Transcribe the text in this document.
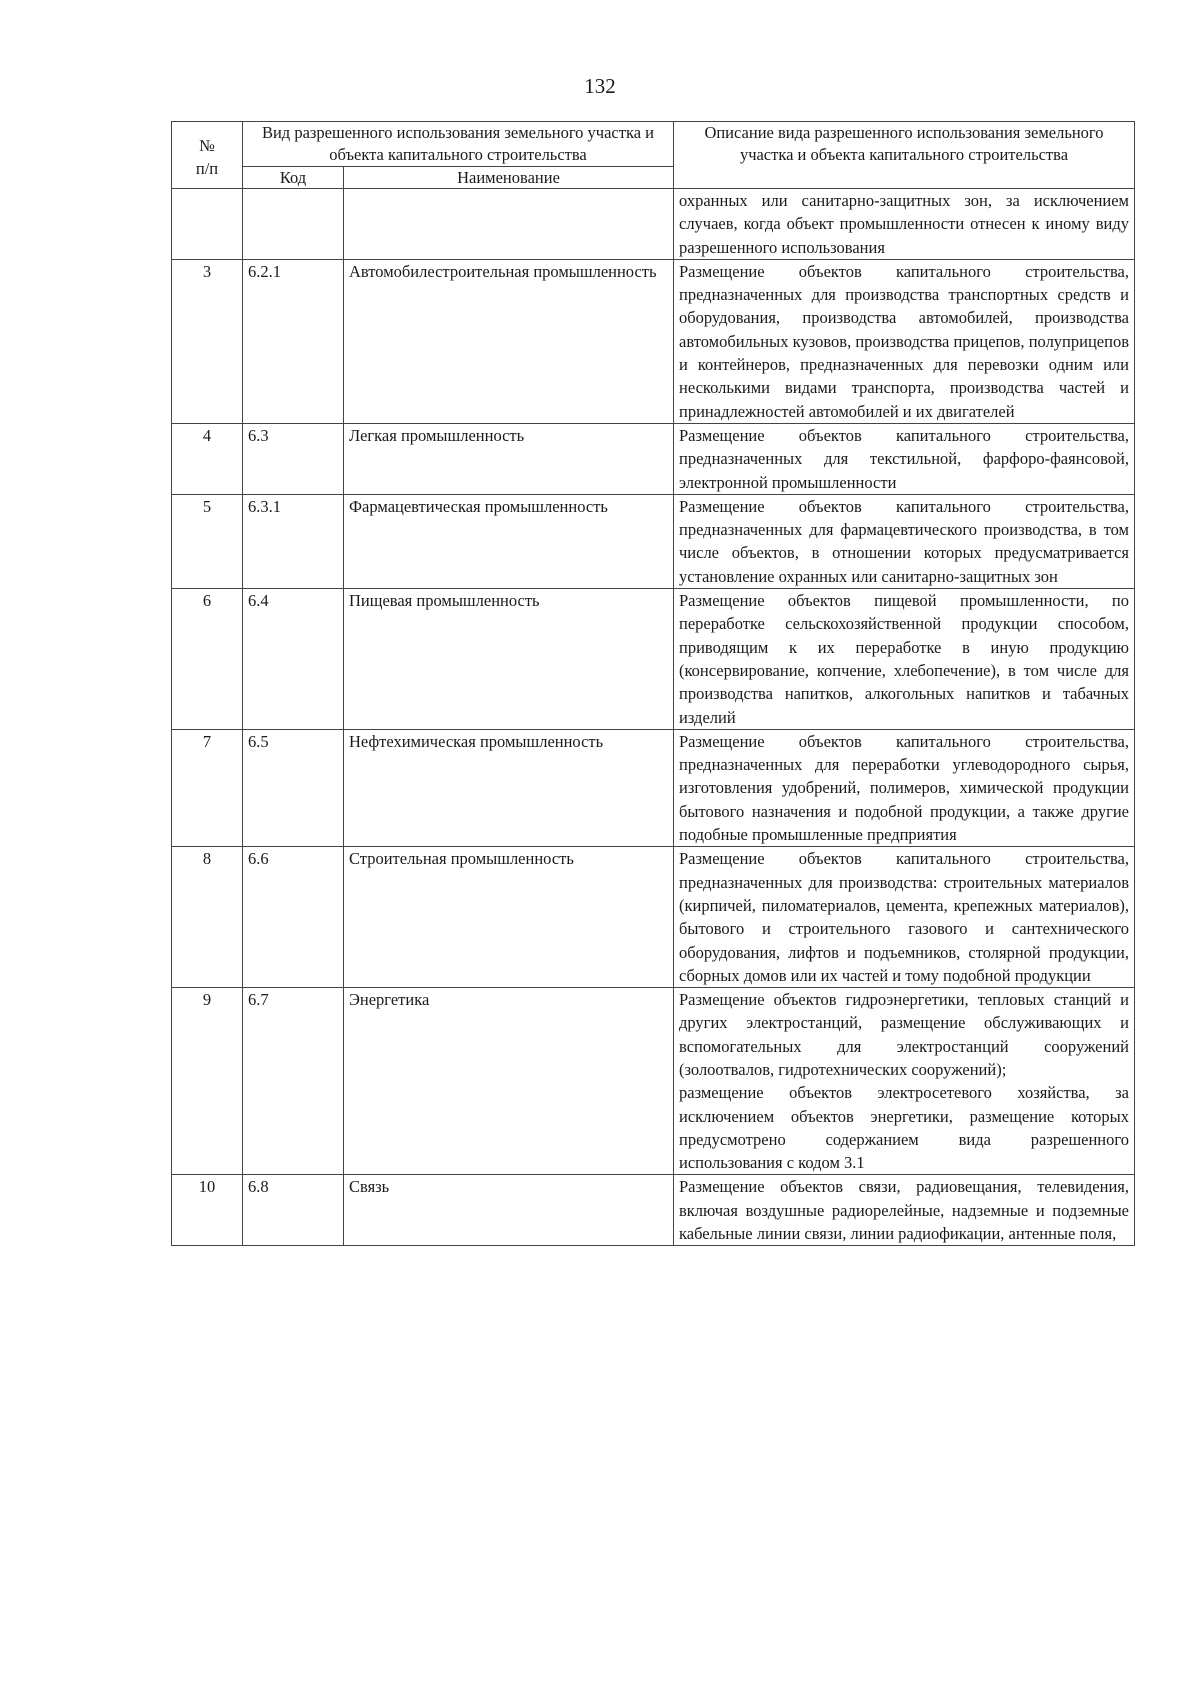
132
№
п/п	Вид разрешенного использования земельного участка и объекта капитального строительства		Описание вида разрешенного использования земельного участка и объекта капитального строительства
	Код	Наименование	
			охранных или санитарно-защитных зон, за исключением случаев, когда объект промышленности отнесен к иному виду разрешенного использования
3	6.2.1	Автомобилестроительная промышленность	Размещение объектов капитального строительства, предназначенных для производства транспортных средств и оборудования, производства автомобилей, производства автомобильных кузовов, производства прицепов, полуприцепов и контейнеров, предназначенных для перевозки одним или несколькими видами транспорта, производства частей и принадлежностей автомобилей и их двигателей

4	6.3	Легкая промышленность	Размещение объектов капитального строительства, предназначенных для текстильной, фарфоро-фаянсовой, электронной промышленности

5	6.3.1	Фармацевтическая промышленность	Размещение объектов капитального строительства, предназначенных для фармацевтического производства, в том числе объектов, в отношении которых предусматривается установление охранных или санитарно-защитных зон

6	6.4	Пищевая промышленность	Размещение объектов пищевой промышленности, по переработке сельскохозяйственной продукции способом, приводящим к их переработке в иную продукцию (консервирование, копчение, хлебопечение), в том числе для производства напитков, алкогольных напитков и табачных изделий

7	6.5	Нефтехимическая промышленность	Размещение объектов капитального строительства, предназначенных для переработки углеводородного сырья, изготовления удобрений, полимеров, химической продукции бытового назначения и подобной продукции, а также другие подобные промышленные предприятия

8	6.6	Строительная промышленность	Размещение объектов капитального строительства, предназначенных для производства: строительных материалов (кирпичей, пиломатериалов, цемента, крепежных материалов), бытового и строительного газового и сантехнического оборудования, лифтов и подъемников, столярной продукции, сборных домов или их частей и тому подобной продукции

9	6.7	Энергетика	Размещение объектов гидроэнергетики, тепловых станций и других электростанций, размещение обслуживающих и вспомогательных для электростанций сооружений (золоотвалов, гидротехнических сооружений);
размещение объектов электросетевого хозяйства, за исключением объектов энергетики, размещение которых предусмотрено содержанием вида разрешенного использования с кодом 3.1

10	6.8	Связь	Размещение объектов связи, радиовещания, телевидения, включая воздушные радиорелейные, надземные и подземные кабельные линии связи, линии радиофикации, антенные поля,
